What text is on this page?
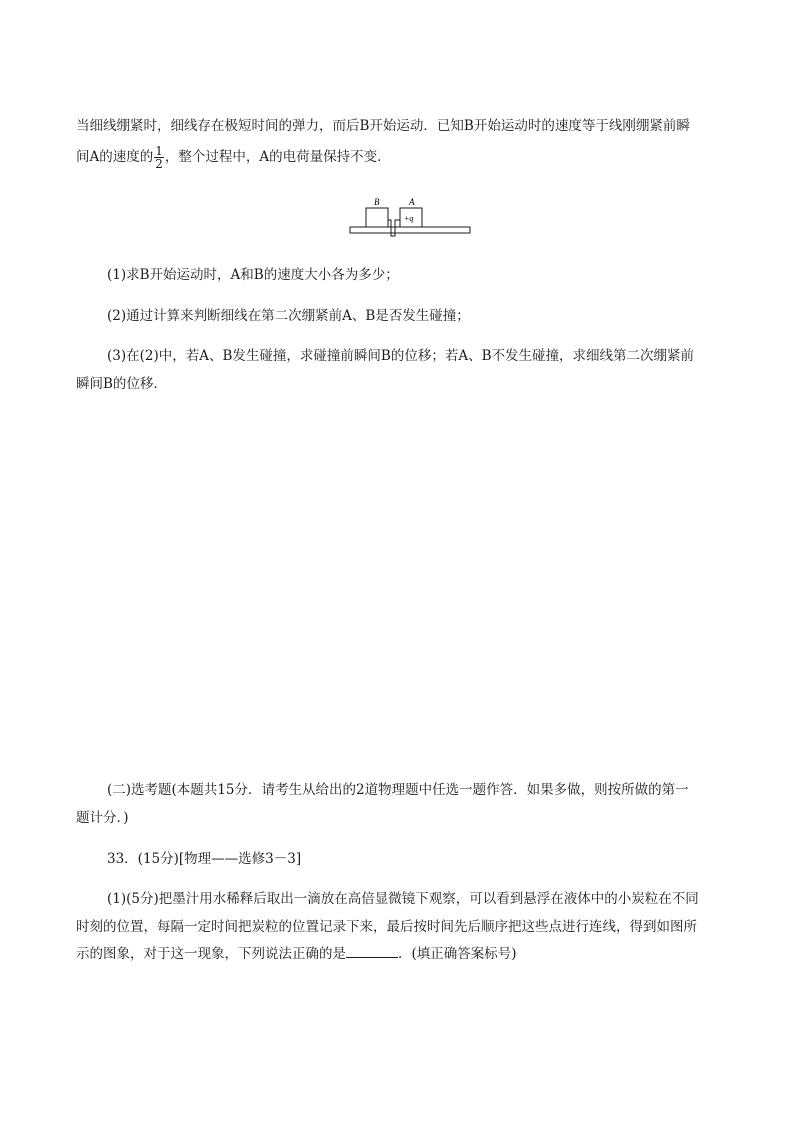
当细线绷紧时，细线存在极短时间的弹力，而后B开始运动．已知B开始运动时的速度等于线刚绷紧前瞬
间A的速度的 $\frac{1}{2}$ ，整个过程中，A的电荷量保持不变．
B	A
+q
(1)求B开始运动时，A和B的速度大小各为多少；
(2)通过计算来判断细线在第二次绷紧前A、B是否发生碰撞；
(3)在(2)中，若A、B发生碰撞，求碰撞前瞬间B的位移；若A、B不发生碰撞，求细线第二次绷紧前
瞬间B的位移．
(二)选考题(本题共15分．请考生从给出的2道物理题中任选一题作答．如果多做，则按所做的第一
题计分．)
33．(15分)[物理——选修3－3]
(1)(5分)把墨汁用水稀释后取出一滴放在高倍显微镜下观察，可以看到悬浮在液体中的小炭粒在不同
时刻的位置，每隔一定时间把炭粒的位置记录下来，最后按时间先后顺序把这些点进行连线，得到如图所
示的图象，对于这一现象，下列说法正确的是	．(填正确答案标号)
